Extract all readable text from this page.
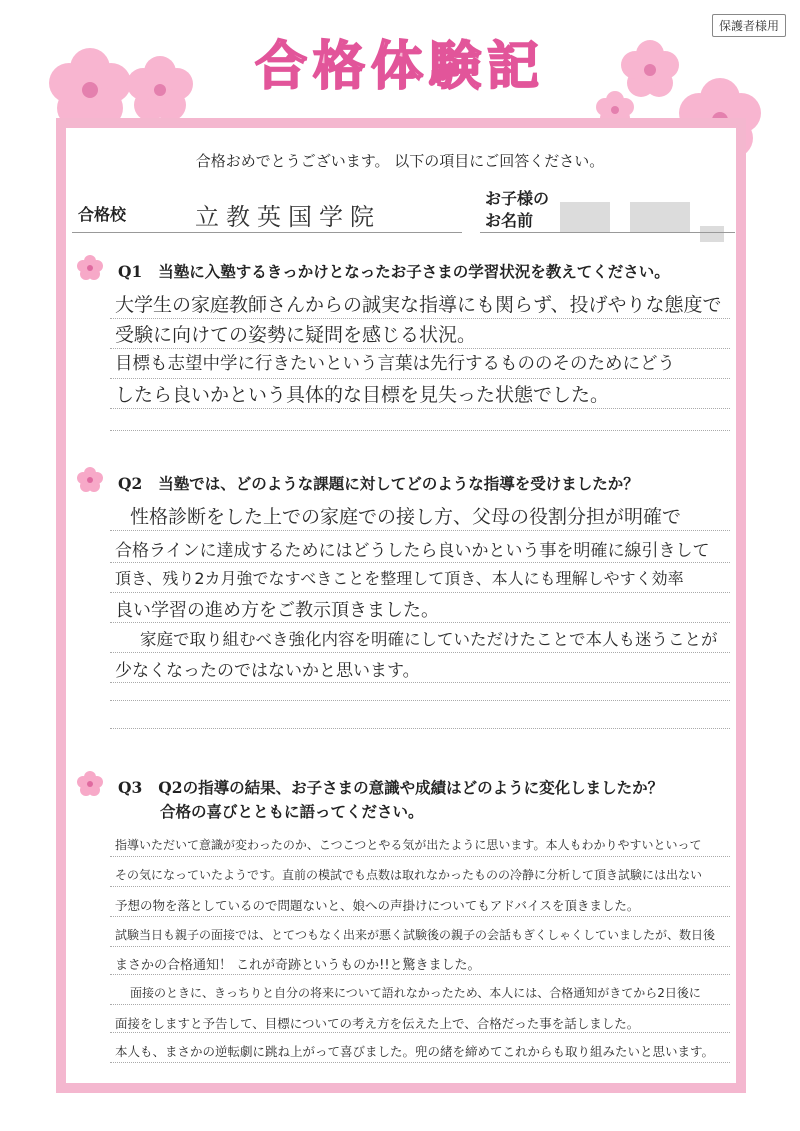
保護者様用
合格体験記
合格おめでとうございます。 以下の項目にご回答ください。
合格校	立教英国学院
お子様の
お名前
Q1 当塾に入塾するきっかけとなったお子さまの学習状況を教えてください。
大学生の家庭教師さんからの誠実な指導にも関らず、投げやりな態度で
受験に向けての姿勢に疑問を感じる状況。
目標も志望中学に行きたいという言葉は先行するもののそのためにどう
したら良いかという具体的な目標を見失った状態でした。
Q2 当塾では、どのような課題に対してどのような指導を受けましたか？
性格診断をした上での家庭での接し方、父母の役割分担が明確で
合格ラインに達成するためにはどうしたら良いかという事を明確に線引きして
頂き、残り2カ月強でなすべきことを整理して頂き、本人にも理解しやすく効率
良い学習の進め方をご教示頂きました。
家庭で取り組むべき強化内容を明確にしていただけたことで本人も迷うことが
少なくなったのではないかと思います。
Q3 Q2の指導の結果、お子さまの意識や成績はどのように変化しましたか？
合格の喜びとともに語ってください。
指導いただいて意識が変わったのか、こつこつとやる気が出たように思います。本人もわかりやすいといって
その気になっていたようです。直前の模試でも点数は取れなかったものの冷静に分析して頂き試験には出ない
予想の物を落としているので問題ないと、娘への声掛けについてもアドバイスを頂きました。
試験当日も親子の面接では、とてつもなく出来が悪く試験後の親子の会話もぎくしゃくしていましたが、数日後
まさかの合格通知！ これが奇跡というものか!!と驚きました。
面接のときに、きっちりと自分の将来について語れなかったため、本人には、合格通知がきてから2日後に
面接をしますと予告して、目標についての考え方を伝えた上で、合格だった事を話しました。
本人も、まさかの逆転劇に跳ね上がって喜びました。兜の緒を締めてこれからも取り組みたいと思います。
